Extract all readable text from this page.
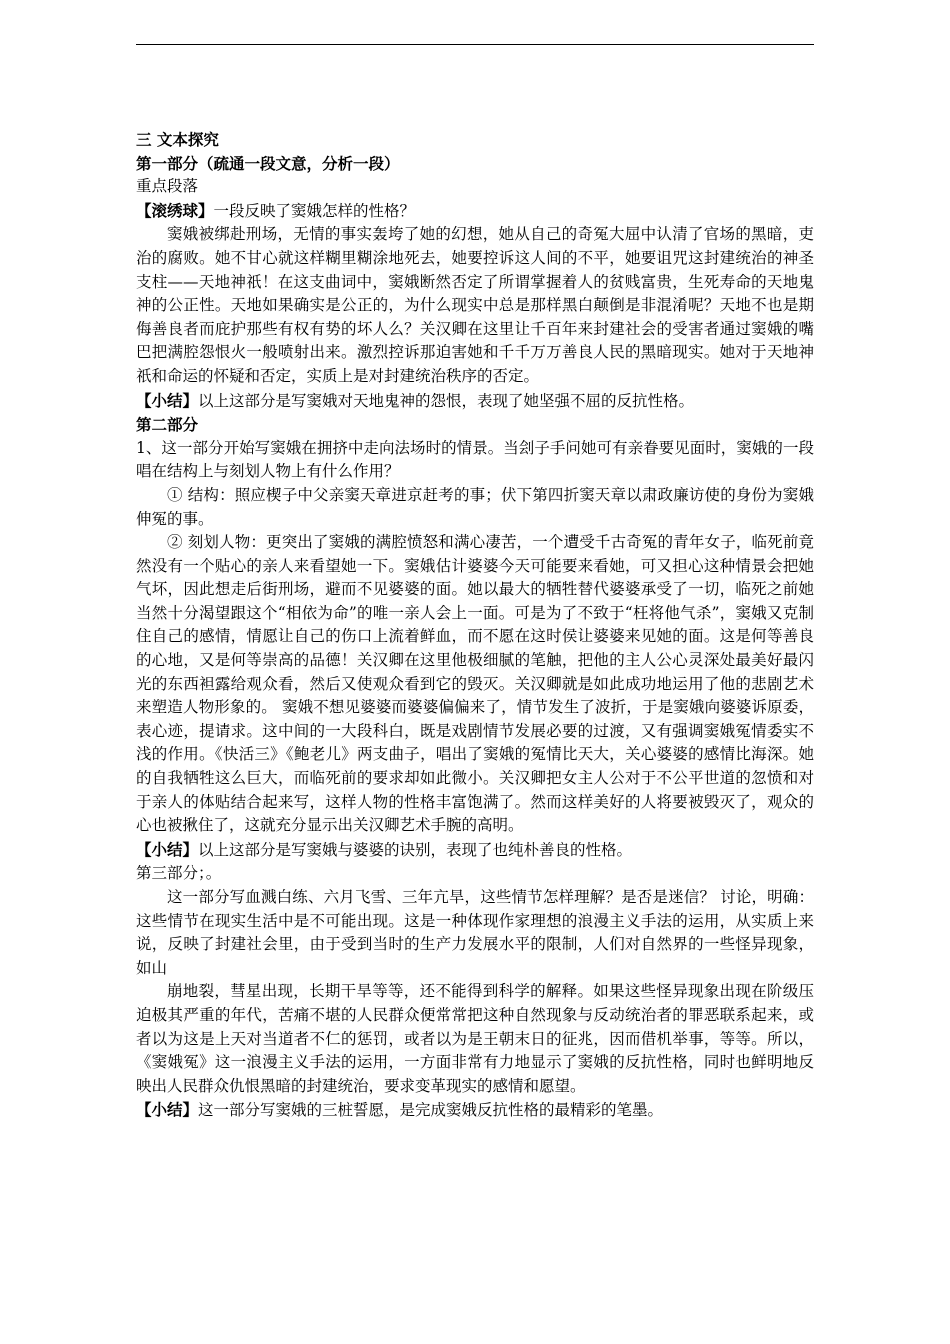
三 文本探究

第一部分（疏通一段文意，分析一段）

重点段落

【滚绣球】一段反映了窦娥怎样的性格？

窦娥被绑赴刑场，无情的事实轰垮了她的幻想，她从自己的奇冤大屈中认清了官场的黑暗，吏治的腐败。她不甘心就这样糊里糊涂地死去，她要控诉这人间的不平，她要诅咒这封建统治的神圣支柱——天地神祇！在这支曲词中，窦娥断然否定了所谓掌握着人的贫贱富贵，生死寿命的天地鬼神的公正性。天地如果确实是公正的，为什么现实中总是那样黑白颠倒是非混淆呢？天地不也是期侮善良者而庇护那些有权有势的坏人么？关汉卿在这里让千百年来封建社会的受害者通过窦娥的嘴巴把满腔怨恨火一般喷射出来。激烈控诉那迫害她和千千万万善良人民的黑暗现实。她对于天地神祇和命运的怀疑和否定，实质上是对封建统治秩序的否定。

【小结】以上这部分是写窦娥对天地鬼神的怨恨，表现了她坚强不屈的反抗性格。

第二部分

1、这一部分开始写窦娥在拥挤中走向法场时的情景。当刽子手问她可有亲眷要见面时，窦娥的一段唱在结构上与刻划人物上有什么作用？

① 结构：照应楔子中父亲窦天章进京赶考的事；伏下第四折窦天章以肃政廉访使的身份为窦娥伸冤的事。

② 刻划人物：更突出了窦娥的满腔愤怒和满心凄苦，一个遭受千古奇冤的青年女子，临死前竟然没有一个贴心的亲人来看望她一下。窦娥估计婆婆今天可能要来看她，可又担心这种情景会把她气坏，因此想走后街刑场，避而不见婆婆的面。她以最大的牺牲替代婆婆承受了一切，临死之前她当然十分渴望跟这个“相依为命”的唯一亲人会上一面。可是为了不致于“枉将他气杀”，窦娥又克制住自己的感情，情愿让自己的伤口上流着鲜血，而不愿在这时侯让婆婆来见她的面。这是何等善良的心地，又是何等崇高的品德！关汉卿在这里他极细腻的笔触，把他的主人公心灵深处最美好最闪光的东西袒露给观众看，然后又使观众看到它的毁灭。关汉卿就是如此成功地运用了他的悲剧艺术来塑造人物形象的。 窦娥不想见婆婆而婆婆偏偏来了，情节发生了波折，于是窦娥向婆婆诉原委，表心迹，提请求。这中间的一大段科白，既是戏剧情节发展必要的过渡，又有强调窦娥冤情委实不浅的作用。《快活三》《鲍老儿》两支曲子，唱出了窦娥的冤情比天大，关心婆婆的感情比海深。她的自我牺牲这么巨大，而临死前的要求却如此微小。关汉卿把女主人公对于不公平世道的忽愤和对于亲人的体贴结合起来写，这样人物的性格丰富饱满了。然而这样美好的人将要被毁灭了，观众的心也被揪住了，这就充分显示出关汉卿艺术手腕的高明。

【小结】以上这部分是写窦娥与婆婆的诀别，表现了也纯朴善良的性格。

第三部分；。

这一部分写血溅白练、六月飞雪、三年亢旱，这些情节怎样理解？是否是迷信？ 讨论，明确：这些情节在现实生活中是不可能出现。这是一种体现作家理想的浪漫主义手法的运用，从实质上来说，反映了封建社会里，由于受到当时的生产力发展水平的限制，人们对自然界的一些怪异现象， 如山

崩地裂，彗星出现，长期干旱等等，还不能得到科学的解释。如果这些怪异现象出现在阶级压迫极其严重的年代，苦痛不堪的人民群众便常常把这种自然现象与反动统治者的罪恶联系起来，或者以为这是上天对当道者不仁的惩罚，或者以为是王朝末日的征兆，因而借机举事，等等。所以，《窦娥冤》这一浪漫主义手法的运用，一方面非常有力地显示了窦娥的反抗性格，同时也鲜明地反映出人民群众仇恨黑暗的封建统治，要求变革现实的感情和愿望。

【小结】这一部分写窦娥的三桩誓愿，是完成窦娥反抗性格的最精彩的笔墨。
